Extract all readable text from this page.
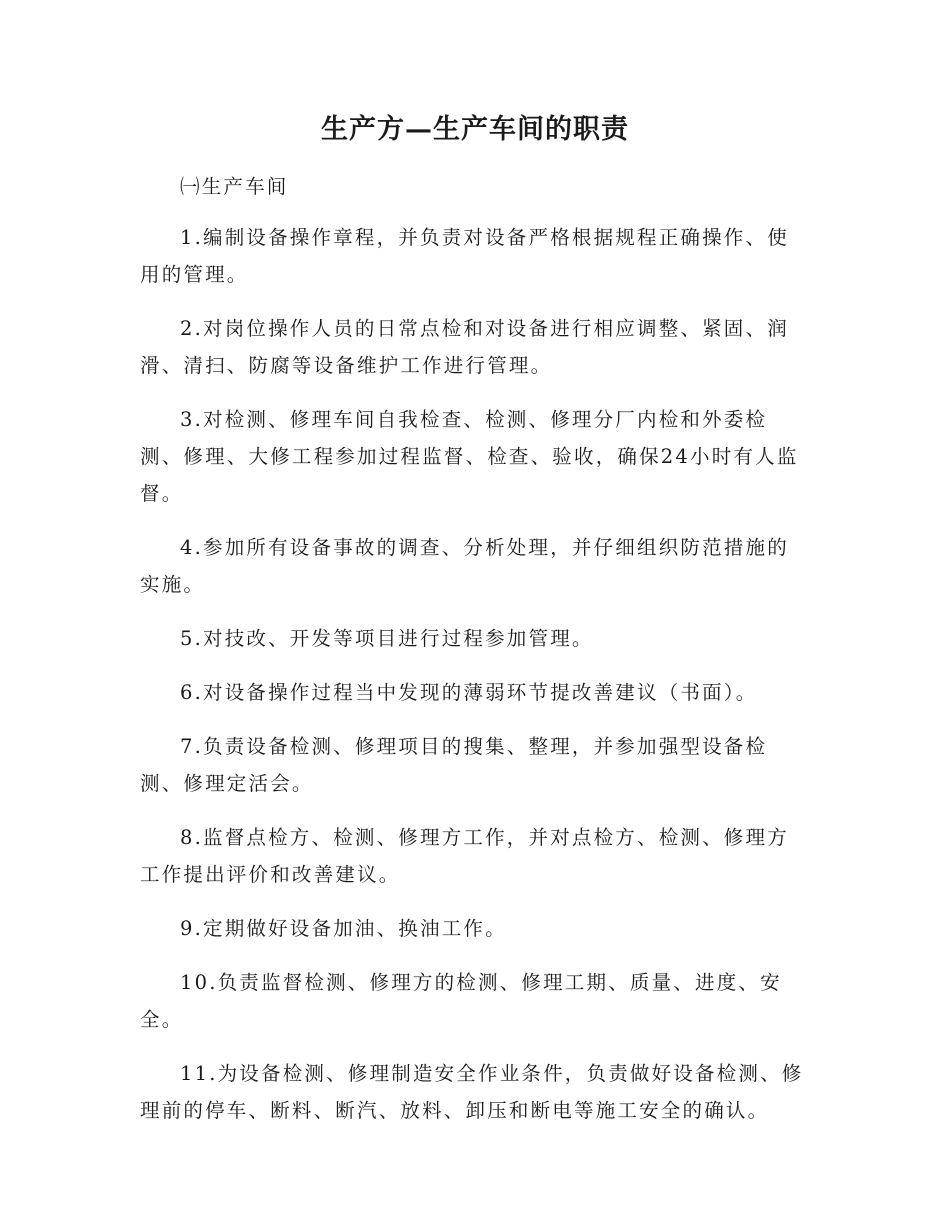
生产方—生产车间的职责

㈠生产车间

1.编制设备操作章程，并负责对设备严格根据规程正确操作、使用的管理。

2.对岗位操作人员的日常点检和对设备进行相应调整、紧固、润滑、清扫、防腐等设备维护工作进行管理。

3.对检测、修理车间自我检查、检测、修理分厂内检和外委检测、修理、大修工程参加过程监督、检查、验收，确保24小时有人监督。

4.参加所有设备事故的调查、分析处理，并仔细组织防范措施的实施。

5.对技改、开发等项目进行过程参加管理。

6.对设备操作过程当中发现的薄弱环节提改善建议（书面）。

7.负责设备检测、修理项目的搜集、整理，并参加强型设备检测、修理定活会。

8.监督点检方、检测、修理方工作，并对点检方、检测、修理方工作提出评价和改善建议。

9.定期做好设备加油、换油工作。

10.负责监督检测、修理方的检测、修理工期、质量、进度、安全。

11.为设备检测、修理制造安全作业条件，负责做好设备检测、修理前的停车、断料、断汽、放料、卸压和断电等施工安全的确认。
